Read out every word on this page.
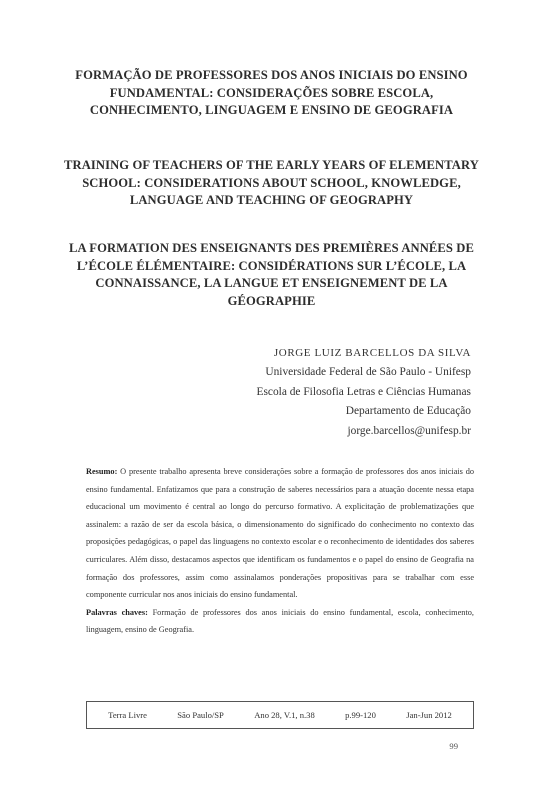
FORMAÇÃO DE PROFESSORES DOS ANOS INICIAIS DO ENSINO FUNDAMENTAL: CONSIDERAÇÕES SOBRE ESCOLA, CONHECIMENTO, LINGUAGEM E ENSINO DE GEOGRAFIA
TRAINING OF TEACHERS OF THE EARLY YEARS OF ELEMENTARY SCHOOL: CONSIDERATIONS ABOUT SCHOOL, KNOWLEDGE, LANGUAGE AND TEACHING OF GEOGRAPHY
LA FORMATION DES ENSEIGNANTS DES PREMIÈRES ANNÉES DE L’ÉCOLE ÉLÉMENTAIRE: CONSIDÉRATIONS SUR L’ÉCOLE, LA CONNAISSANCE, LA LANGUE ET ENSEIGNEMENT DE LA GÉOGRAPHIE
JORGE LUIZ BARCELLOS DA SILVA
Universidade Federal de São Paulo - Unifesp
Escola de Filosofia Letras e Ciências Humanas
Departamento de Educação
jorge.barcellos@unifesp.br

Resumo: O presente trabalho apresenta breve considerações sobre a formação de professores dos anos iniciais do ensino fundamental. Enfatizamos que para a construção de saberes necessários para a atuação docente nessa etapa educacional um movimento é central ao longo do percurso formativo. A explicitação de problematizações que assinalem: a razão de ser da escola básica, o dimensionamento do significado do conhecimento no contexto das proposições pedagógicas, o papel das linguagens no contexto escolar e o reconhecimento de identidades dos saberes curriculares. Além disso, destacamos aspectos que identificam os fundamentos e o papel do ensino de Geografia na formação dos professores, assim como assinalamos ponderações propositivas para se trabalhar com esse componente curricular nos anos iniciais do ensino fundamental.

Palavras chaves: Formação de professores dos anos iniciais do ensino fundamental, escola, conhecimento, linguagem, ensino de Geografia.

Terra Livre	São Paulo/SP	Ano 28, V.1, n.38	p.99-120	Jan-Jun 2012
99
